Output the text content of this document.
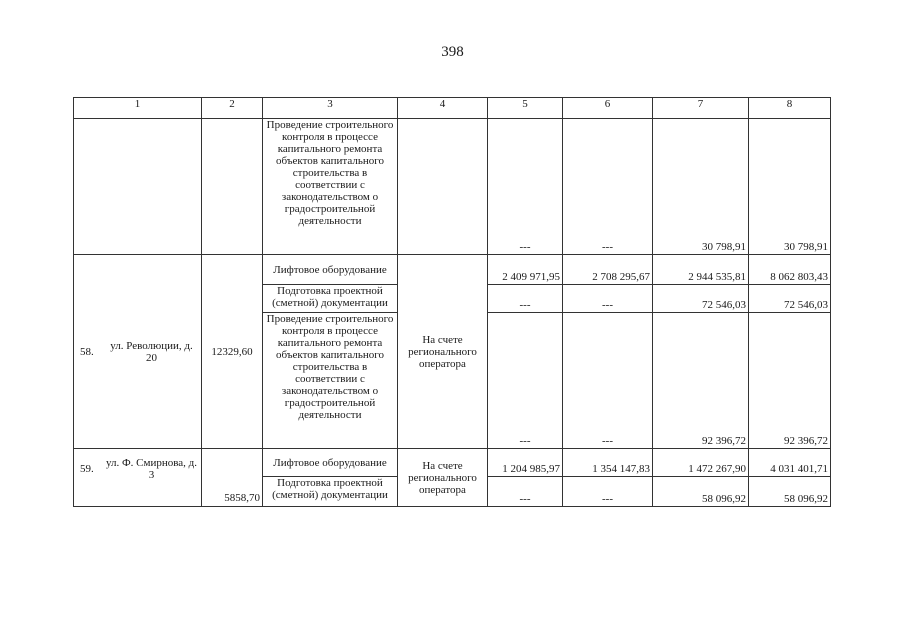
398
1	2	3	4	5	6	7	8
		Проведение строительного контроля в процессе капитального ремонта объектов капитального строительства в соответствии с законодательством о градостроительной деятельности		---	---	30 798,91	30 798,91

58. ул. Революции, д. 20	12329,60	Лифтовое оборудование	На счете регионального оператора	2 409 971,95	2 708 295,67	2 944 535,81	8 062 803,43
		Подготовка проектной (сметной) документации		---	---	72 546,03	72 546,03
		Проведение строительного контроля в процессе капитального ремонта объектов капитального строительства в соответствии с законодательством о градостроительной деятельности		---	---	92 396,72	92 396,72

59. ул. Ф. Смирнова, д. 3	5858,70	Лифтовое оборудование	На счете регионального оператора	1 204 985,97	1 354 147,83	1 472 267,90	4 031 401,71
		Подготовка проектной (сметной) документации		---	---	58 096,92	58 096,92
